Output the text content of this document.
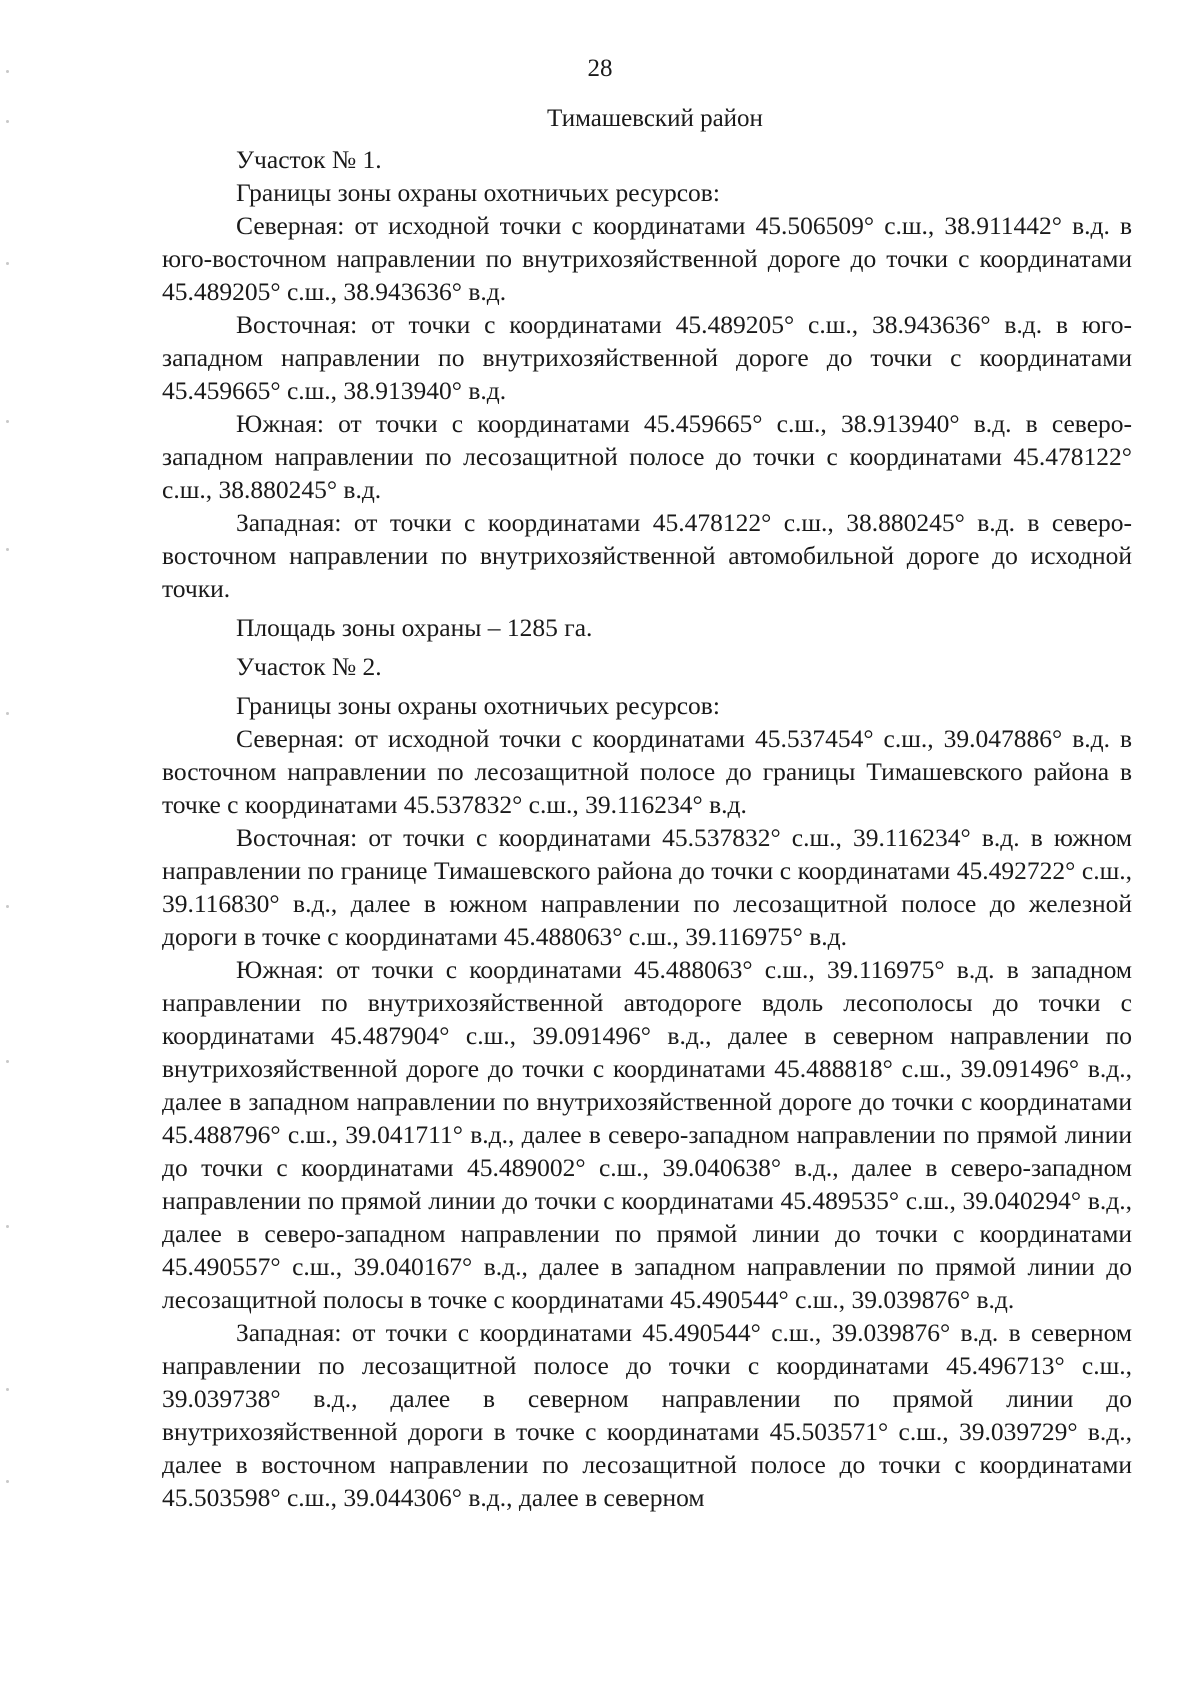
28
Тимашевский район

Участок № 1.

Границы зоны охраны охотничьих ресурсов:

Северная: от исходной точки с координатами 45.506509° с.ш., 38.911442° в.д. в юго-восточном направлении по внутрихозяйственной дороге до точки с координатами 45.489205° с.ш., 38.943636° в.д.

Восточная: от точки с координатами 45.489205° с.ш., 38.943636° в.д. в юго-западном направлении по внутрихозяйственной дороге до точки с координатами 45.459665° с.ш., 38.913940° в.д.

Южная: от точки с координатами 45.459665° с.ш., 38.913940° в.д. в северо-западном направлении по лесозащитной полосе до точки с координатами 45.478122° с.ш., 38.880245° в.д.

Западная: от точки с координатами 45.478122° с.ш., 38.880245° в.д. в северо-восточном направлении по внутрихозяйственной автомобильной дороге до исходной точки.

Площадь зоны охраны – 1285 га.

Участок № 2.

Границы зоны охраны охотничьих ресурсов:

Северная: от исходной точки с координатами 45.537454° с.ш., 39.047886° в.д. в восточном направлении по лесозащитной полосе до границы Тимашевского района в точке с координатами 45.537832° с.ш., 39.116234° в.д.

Восточная: от точки с координатами 45.537832° с.ш., 39.116234° в.д. в южном направлении по границе Тимашевского района до точки с координатами 45.492722° с.ш., 39.116830° в.д., далее в южном направлении по лесозащитной полосе до железной дороги в точке с координатами 45.488063° с.ш., 39.116975° в.д.

Южная: от точки с координатами 45.488063° с.ш., 39.116975° в.д. в западном направлении по внутрихозяйственной автодороге вдоль лесополосы до точки с координатами 45.487904° с.ш., 39.091496° в.д., далее в северном направлении по внутрихозяйственной дороге до точки с координатами 45.488818° с.ш., 39.091496° в.д., далее в западном направлении по внутрихозяйственной дороге до точки с координатами 45.488796° с.ш., 39.041711° в.д., далее в северо-западном направлении по прямой линии до точки с координатами 45.489002° с.ш., 39.040638° в.д., далее в северо-западном направлении по прямой линии до точки с координатами 45.489535° с.ш., 39.040294° в.д., далее в северо-западном направлении по прямой линии до точки с координатами 45.490557° с.ш., 39.040167° в.д., далее в западном направлении по прямой линии до лесозащитной полосы в точке с координатами 45.490544° с.ш., 39.039876° в.д.

Западная: от точки с координатами 45.490544° с.ш., 39.039876° в.д. в северном направлении по лесозащитной полосе до точки с координатами 45.496713° с.ш., 39.039738° в.д., далее в северном направлении по прямой линии до внутрихозяйственной дороги в точке с координатами 45.503571° с.ш., 39.039729° в.д., далее в восточном направлении по лесозащитной полосе до точки с координатами 45.503598° с.ш., 39.044306° в.д., далее в северном
